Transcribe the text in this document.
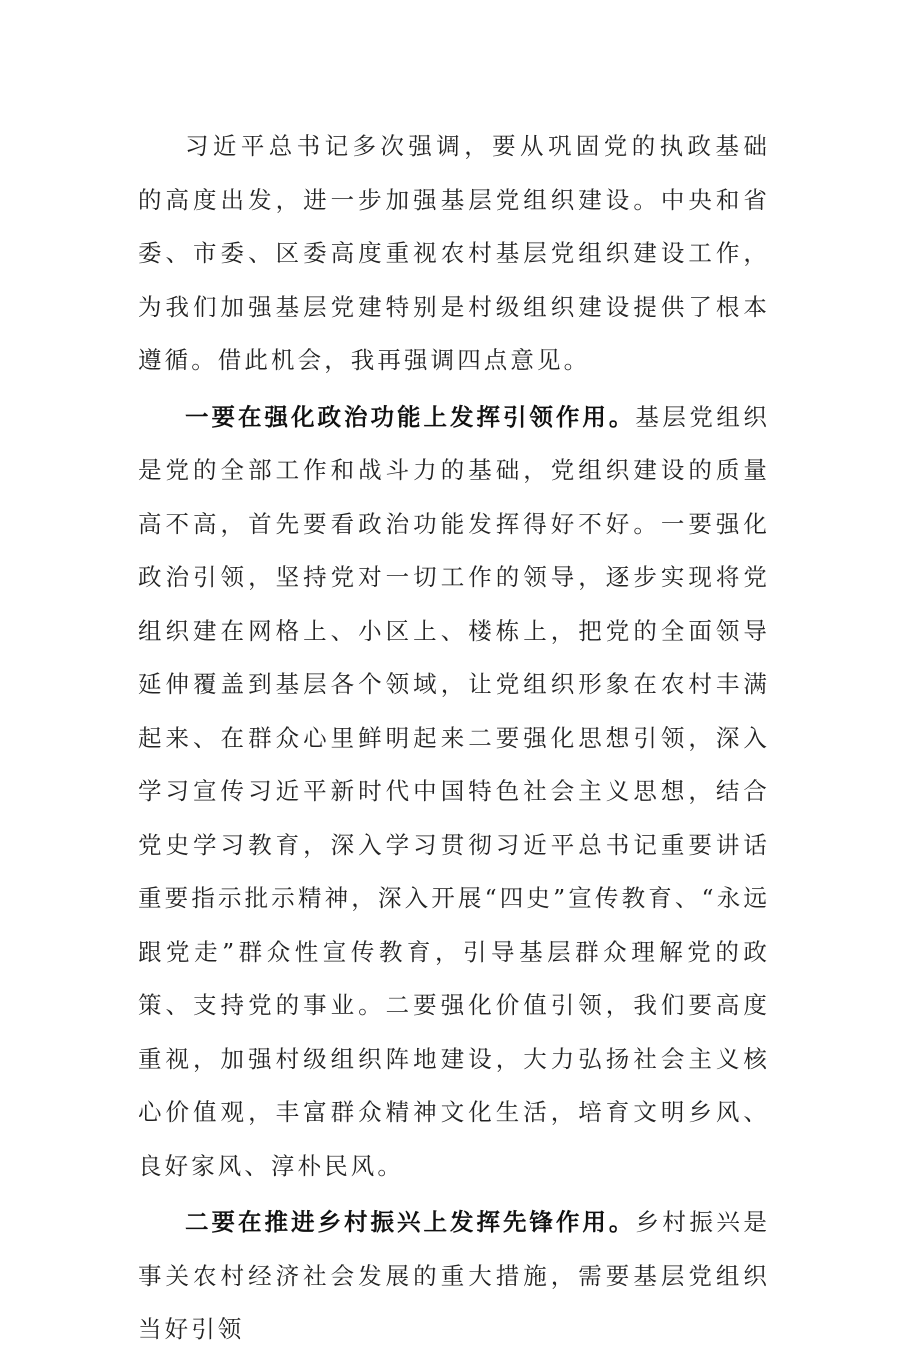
习近平总书记多次强调，要从巩固党的执政基础的高度出发，进一步加强基层党组织建设。中央和省委、市委、区委高度重视农村基层党组织建设工作，为我们加强基层党建特别是村级组织建设提供了根本遵循。借此机会，我再强调四点意见。

一要在强化政治功能上发挥引领作用。基层党组织是党的全部工作和战斗力的基础，党组织建设的质量高不高，首先要看政治功能发挥得好不好。一要强化政治引领，坚持党对一切工作的领导，逐步实现将党组织建在网格上、小区上、楼栋上，把党的全面领导延伸覆盖到基层各个领域，让党组织形象在农村丰满起来、在群众心里鲜明起来二要强化思想引领，深入学习宣传习近平新时代中国特色社会主义思想，结合党史学习教育，深入学习贯彻习近平总书记重要讲话重要指示批示精神，深入开展“四史”宣传教育、“永远跟党走”群众性宣传教育，引导基层群众理解党的政策、支持党的事业。二要强化价值引领，我们要高度重视，加强村级组织阵地建设，大力弘扬社会主义核心价值观，丰富群众精神文化生活，培育文明乡风、良好家风、淳朴民风。

二要在推进乡村振兴上发挥先锋作用。乡村振兴是事关农村经济社会发展的重大措施，需要基层党组织当好引领
